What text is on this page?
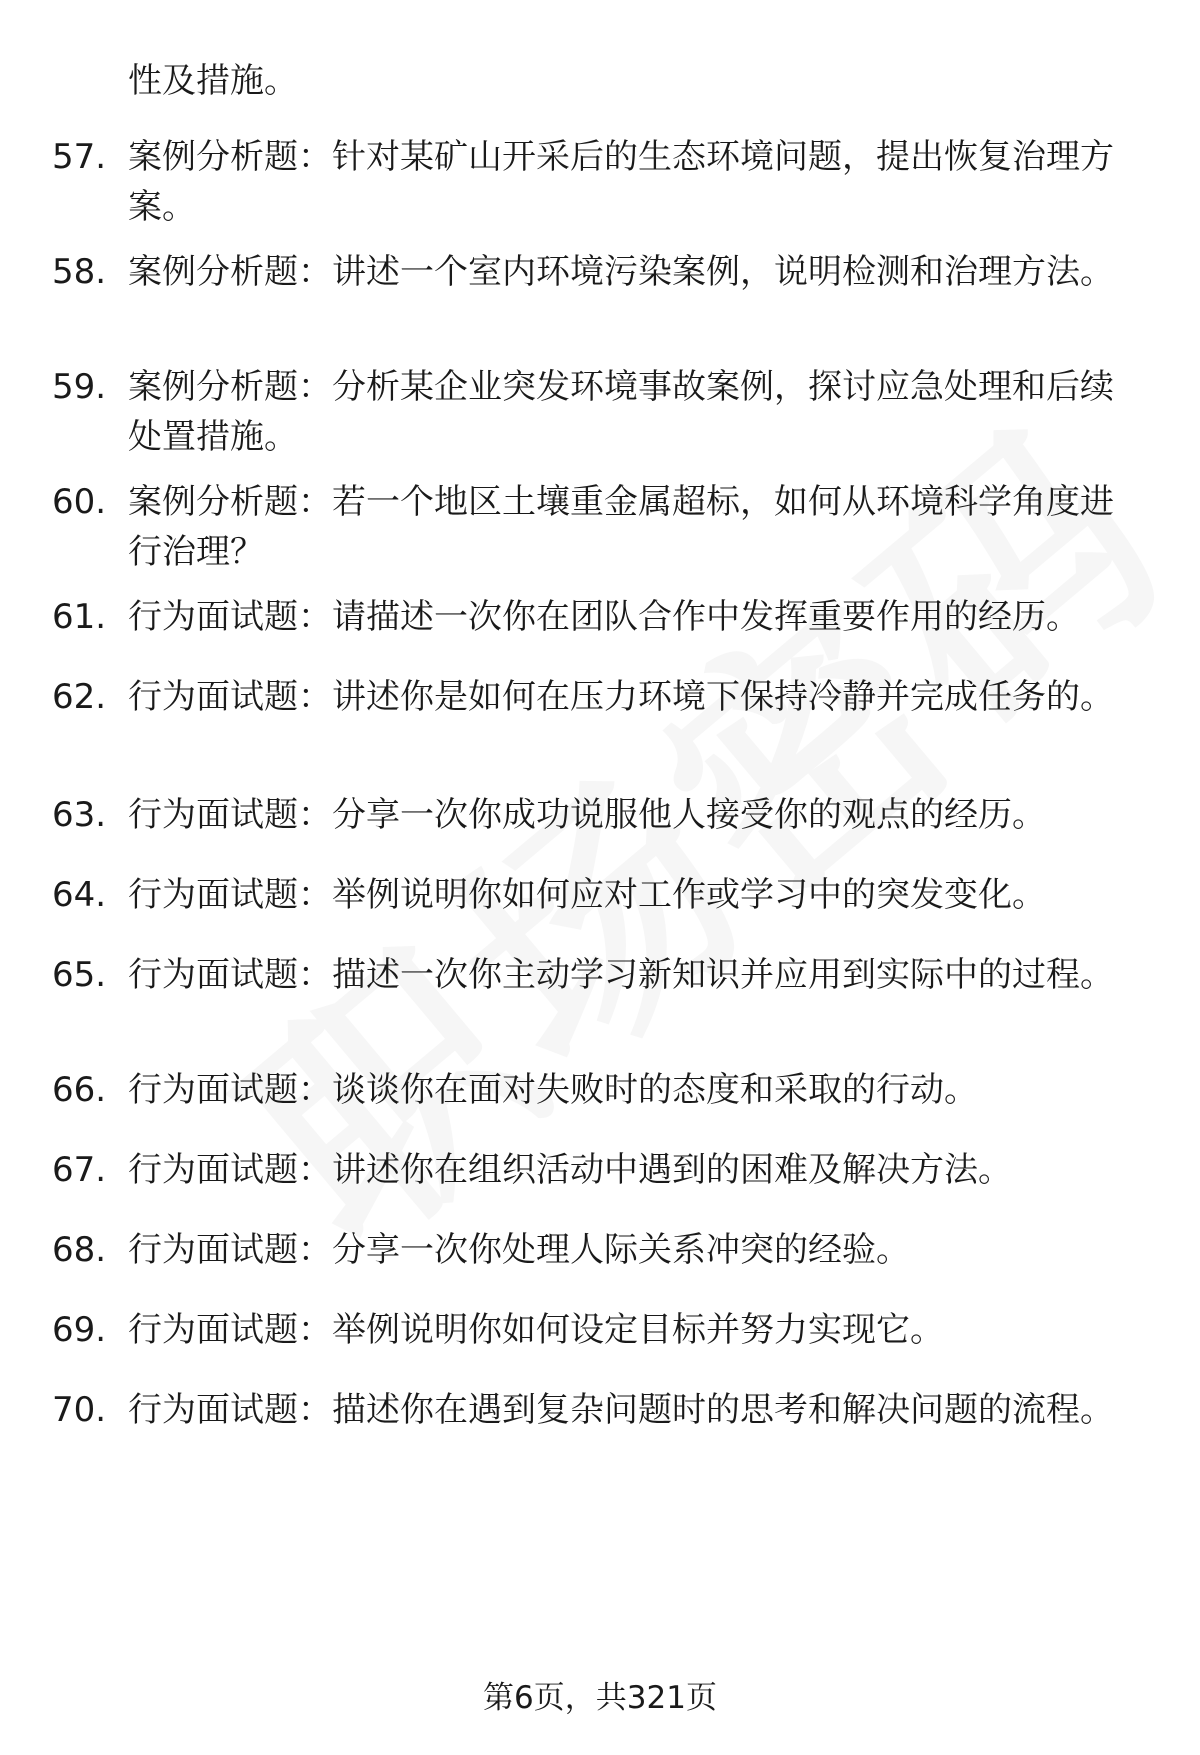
性及措施。
57. 案例分析题：针对某矿山开采后的生态环境问题，提出恢复治理方案。
58. 案例分析题：讲述一个室内环境污染案例，说明检测和治理方法。
59. 案例分析题：分析某企业突发环境事故案例，探讨应急处理和后续处置措施。
60. 案例分析题：若一个地区土壤重金属超标，如何从环境科学角度进行治理？
61. 行为面试题：请描述一次你在团队合作中发挥重要作用的经历。
62. 行为面试题：讲述你是如何在压力环境下保持冷静并完成任务的。
63. 行为面试题：分享一次你成功说服他人接受你的观点的经历。
64. 行为面试题：举例说明你如何应对工作或学习中的突发变化。
65. 行为面试题：描述一次你主动学习新知识并应用到实际中的过程。
66. 行为面试题：谈谈你在面对失败时的态度和采取的行动。
67. 行为面试题：讲述你在组织活动中遇到的困难及解决方法。
68. 行为面试题：分享一次你处理人际关系冲突的经验。
69. 行为面试题：举例说明你如何设定目标并努力实现它。
70. 行为面试题：描述你在遇到复杂问题时的思考和解决问题的流程。
第6页，共321页
